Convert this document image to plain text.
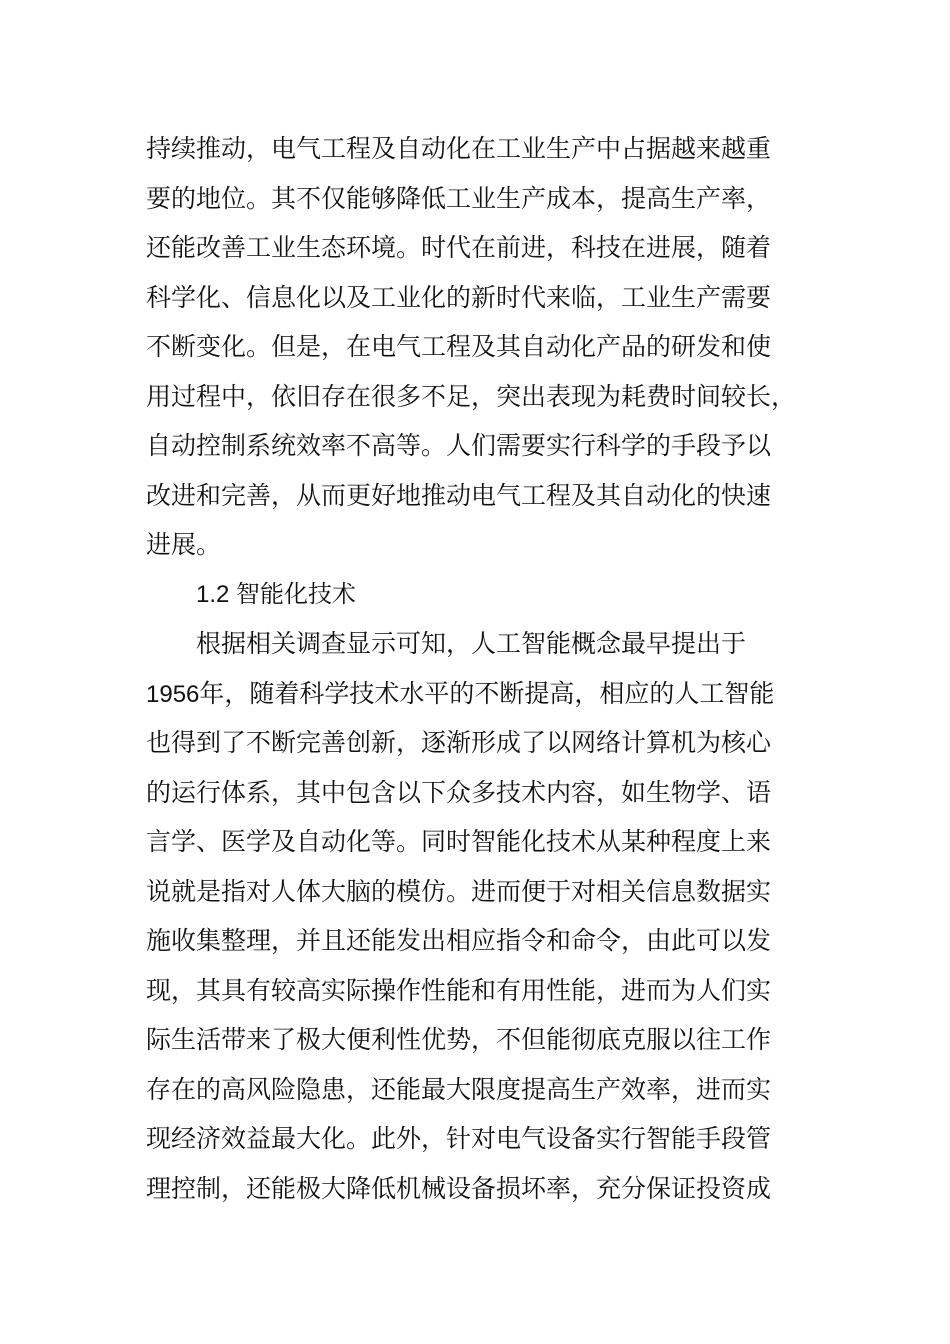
持续推动，电气工程及自动化在工业生产中占据越来越重
要的地位。其不仅能够降低工业生产成本，提高生产率，
还能改善工业生态环境。时代在前进，科技在进展，随着
科学化、信息化以及工业化的新时代来临，工业生产需要
不断变化。但是，在电气工程及其自动化产品的研发和使
用过程中，依旧存在很多不足，突出表现为耗费时间较长，
自动控制系统效率不高等。人们需要实行科学的手段予以
改进和完善，从而更好地推动电气工程及其自动化的快速
进展。
1.2 智能化技术
根据相关调查显示可知，人工智能概念最早提出于
1956年，随着科学技术水平的不断提高，相应的人工智能
也得到了不断完善创新，逐渐形成了以网络计算机为核心
的运行体系，其中包含以下众多技术内容，如生物学、语
言学、医学及自动化等。同时智能化技术从某种程度上来
说就是指对人体大脑的模仿。进而便于对相关信息数据实
施收集整理，并且还能发出相应指令和命令，由此可以发
现，其具有较高实际操作性能和有用性能，进而为人们实
际生活带来了极大便利性优势，不但能彻底克服以往工作
存在的高风险隐患，还能最大限度提高生产效率，进而实
现经济效益最大化。此外，针对电气设备实行智能手段管
理控制，还能极大降低机械设备损坏率，充分保证投资成
